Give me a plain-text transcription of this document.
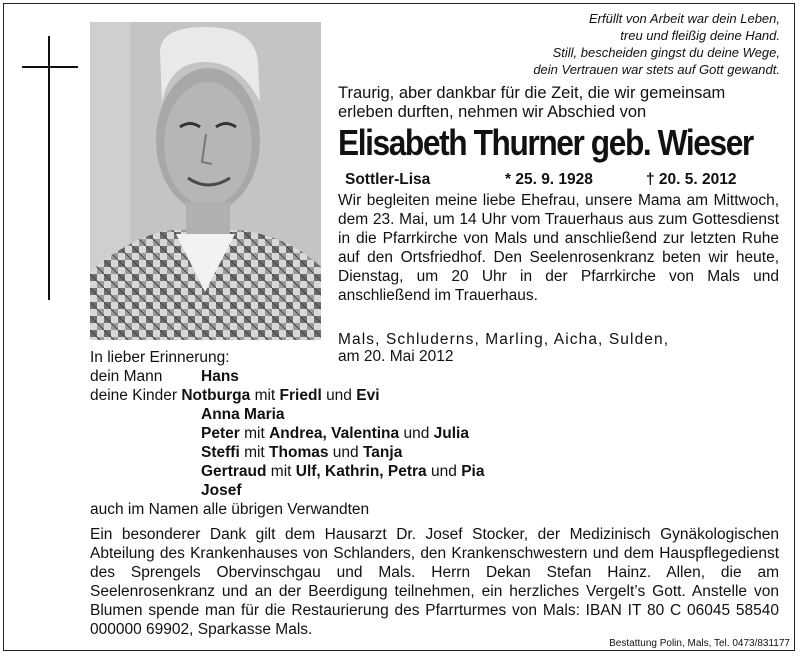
Erfüllt von Arbeit war dein Leben,
treu und fleißig deine Hand.
Still, bescheiden gingst du deine Wege,
dein Vertrauen war stets auf Gott gewandt.
Traurig, aber dankbar für die Zeit, die wir gemeinsam erleben durften, nehmen wir Abschied von
Elisabeth Thurner geb. Wieser
Sottler-Lisa	* 25. 9. 1928	† 20. 5. 2012
Wir begleiten meine liebe Ehefrau, unsere Mama am Mittwoch, dem 23. Mai, um 14 Uhr vom Trauerhaus aus zum Gottesdienst in die Pfarrkirche von Mals und anschließend zur letzten Ruhe auf den Ortsfriedhof. Den Seelenrosenkranz beten wir heute, Dienstag, um 20 Uhr in der Pfarrkirche von Mals und anschließend im Trauerhaus.
Mals, Schluderns, Marling, Aicha, Sulden,
am 20. Mai 2012
In lieber Erinnerung:
dein Mann Hans
deine Kinder Notburga mit Friedl und Evi
Anna Maria
Peter mit Andrea, Valentina und Julia
Steffi mit Thomas und Tanja
Gertraud mit Ulf, Kathrin, Petra und Pia
Josef
auch im Namen alle übrigen Verwandten
Ein besonderer Dank gilt dem Hausarzt Dr. Josef Stocker, der Medizinisch Gynäkologischen Abteilung des Krankenhauses von Schlanders, den Krankenschwestern und dem Hauspflegedienst des Sprengels Obervinschgau und Mals. Herrn Dekan Stefan Hainz. Allen, die am Seelenrosenkranz und an der Beerdigung teilnehmen, ein herzliches Vergelt’s Gott. Anstelle von Blumen spende man für die Restaurierung des Pfarrturmes von Mals: IBAN IT 80 C 06045 58540 000000 69902, Sparkasse Mals.
Bestattung Polin, Mals, Tel. 0473/831177
